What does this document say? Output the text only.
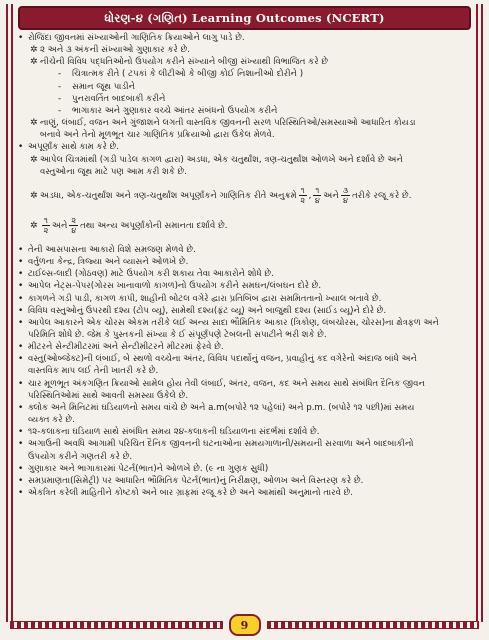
ધોરણ-૪ (ગણિત) Learning Outcomes (NCERT)
• રોજિંદા જીવનમાં સંખ્યાઓની ગાણિતિક ક્રિયાઓને લાગુ પાડે છે.
✲ ૨ અને ૩ અંકની સંખ્યાઓ ગુણાકાર કરે છે.
✲ નીચેની વિવિધ પદ્ધતિઓનો ઉપયોગ કરીને સંખ્યાને બીજી સંખ્યાથી વિભાજિત કરે છે
-	ચિત્રાત્મક રીતે ( ટપકાં કે લીટીઓ કે બીજી કોઈ નિશાનીઓ દોરીને )
-	સમાન જૂથ પાડીને
-	પુનરાવર્તિત બાદબાકી કરીને
-	ભાગાકાર અને ગુણાકાર વચ્ચે આંતર સંબંધનો ઉપયોગ કરીને
✲ નાણું, લંબાઈ, વજન અને ગુંજાશને લગતી વાસ્તવિક જીવનની સરળ પરિસ્થિતિઓ/સમસ્યાઓ આધારિત કોયડા
બનાવે અને તેનો મૂળભૂત ચાર ગાણિતિક પ્રક્રિયાઓ દ્વારા ઉકેલ મેળવે.
• અપૂર્ણાંક સાથે કામ કરે છે.
✲ આપેલ ચિત્રમાંથી (ગડી પાડેલ કાગળ દ્વારા) અડધા, એક ચતુર્થાંશ, ત્રણ-ચતુર્થાંશ ઓળખે અને દર્શાવે છે અને
વસ્તુઓના જૂથ માટે પણ આમ કરી શકે છે.
✲ અડધા, એક-ચતુર્થાંશ અને ત્રણ-ચતુર્થાંશ અપૂર્ણાંકને ગાણિતિક રીતે અનુક્રમે $\frac{૧}{૨}$ , $\frac{૧}{૪}$ અને $\frac{૩}{૪}$ તરીકે રજૂ કરે છે.
✲ $\frac{૧}{૨}$ અને $\frac{૨}{૪}$ તથા અન્ય અપૂર્ણાંકોની સમાનતા દર્શાવે છે.
• તેની આસપાસના આકારો વિશે સમજણ મેળવે છે.
• વર્તુળના કેન્દ્ર, ત્રિજ્યા અને વ્યાસને ઓળખે છે.
• ટાઈલ્સ-લાદી (ગોઠવણ) માટે ઉપયોગ કરી શકાય તેવા આકારોને શોધે છે.
• આપેલ નેટ્સ-પેપર(ગોરસ ખાનાવાળો કાગળ)નો ઉપયોગ કરીને સમઘન/લંબઘન દોરે છે.
• કાગળને ગડી પાડી, કાગળ કાપી, શાહીની બોટલ વગેરે દ્વારા પ્રતિબિંબ દ્વારા સમમિતતાનો ખ્યાલ બતાવે છે.
• વિવિધ વસ્તુઓનું ઉપરથી દશ્ય (ટોપ વ્યૂ), સામેથી દશ્ય(ફ્રંટ વ્યૂ) અને બાજુથી દશ્ય (સાઈડ વ્યૂ)ને દોરે છે.
• આપેલ આકારને એક ચોરસ એકમ તરીકે લઈ અન્ય સાદા ભૌમિતિક આકાર (ત્રિકોણ, લંબચોરસ, ચોરસ)ના ક્ષેત્રફળ અને
પરિમિતિ શોધે છે. જેમ કે પુસ્તકની સંખ્યા કે ઈ સંપૂર્ણપણે ટેબલની સપાટીને ભરી શકે છે.
• મીટરને સેન્ટીમીટરમાં અને સેન્ટીમીટરને મીટરમાં ફેરવે છે.
• વસ્તુ(ઓબ્જેક્ટ)ની લંબાઈ, બે સ્થળો વચ્ચેના અંતર, વિવિધ પદાર્થોનું વજન, પ્રવાહીનું કદ વગેરેનો અંદાજ બાંધે અને
વાસ્તવિક માપ લઈ તેની ખાતરી કરે છે.
• ચાર મૂળભૂત અંકગણિત ક્રિયાઓ સામેલ હોય તેવી લંબાઈ, અંતર, વજન, કદ અને સમય સાથે સંબંધિત દૈનિક જીવન
પરિસ્થિતિઓમાં સાથે આવતી સમસ્યા ઉકેલે છે.
• ક્લોક અને મિનિટમાં ઘડિયાળનો સમય વાંચે છે અને a.m(બપોરે ૧૨ પહેલાં) અને p.m. (બપોરે ૧૨ પછી)માં સમય
વ્યક્ત કરે છે.
• ૧૨-કલાકના ઘડિયાળ સાથે સંબંધિત સમય ૨૪-કલાકની ઘડિયાળના સંદર્ભમાં દર્શાવે છે.
• અગાઉની અવધિ આગામી પરિચિત દૈનિક જીવનની ઘટનાઓના સમયગાળાની/સમયની સરવાળા અને બાદબાકીનો
ઉપયોગ કરીને ગણતરી કરે છે.
• ગુણાકાર અને ભાગાકારમાં પેટર્ન(ભાત)ને ઓળખે છે. (૯ ના ગુણક સુધી)
• સમપ્રમાણતા(સિમેટ્રી) પર આધારિત ભૌમિતિક પેટર્ન(ભાત)નું નિરીક્ષણ, ઓળખ અને વિસ્તરણ કરે છે.
• એકત્રિત કરેલી માહિતીને કોષ્ટકો અને બાર ગ્રાફમાં રજૂ કરે છે અને આમાંથી અનુમાનો તારવે છે.
9
